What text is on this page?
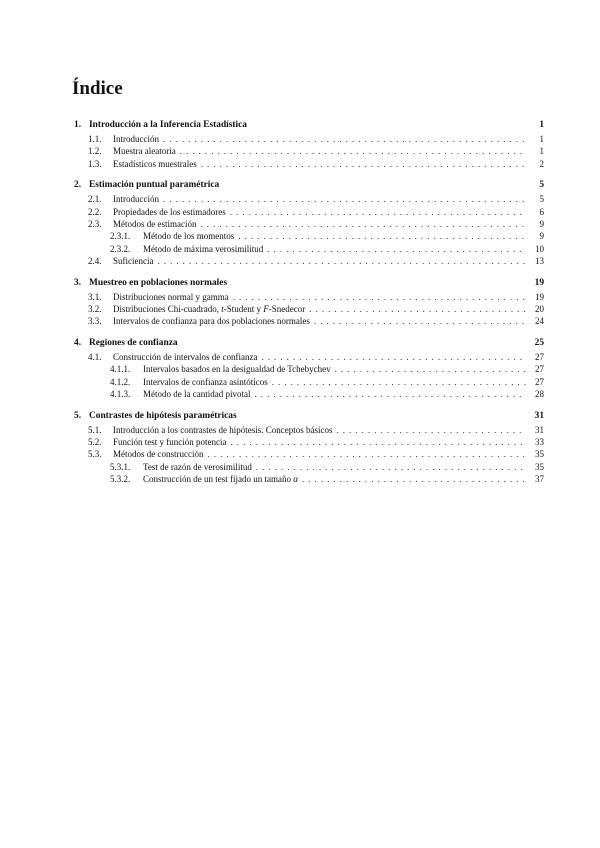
Índice
1. Introducción a la Inferencia Estadística	1
1.1.	Introducción . . .	1
1.2.	Muestra aleatoria . . .	1
1.3.	Estadísticos muestrales . . .	2
2. Estimación puntual paramétrica	5
2.1.	Introducción . . .	5
2.2.	Propiedades de los estimadores . . .	6
2.3.	Métodos de estimación . . .	9
2.3.1.	Método de los momentos . . .	9
2.3.2.	Método de máxima verosimilitud . . .	10
2.4.	Suficiencia . . .	13
3. Muestreo en poblaciones normales	19
3.1.	Distribuciones normal y gamma . . .	19
3.2.	Distribuciones Chi-cuadrado, t-Student y F-Snedecor . . .	20
3.3.	Intervalos de confianza para dos poblaciones normales . . .	24
4. Regiones de confianza	25
4.1.	Construcción de intervalos de confianza . . .	27
4.1.1.	Intervalos basados en la desigualdad de Tchebychev . . .	27
4.1.2.	Intervalos de confianza asintóticos . . .	27
4.1.3.	Método de la cantidad pivotal . . .	28
5. Contrastes de hipótesis paramétricas	31
5.1.	Introducción a los contrastes de hipótesis. Conceptos básicos . . .	31
5.2.	Función test y función potencia . . .	33
5.3.	Métodos de construcción . . .	35
5.3.1.	Test de razón de verosimilitud . . .	35
5.3.2.	Construcción de un test fijado un tamaño α . . .	37
